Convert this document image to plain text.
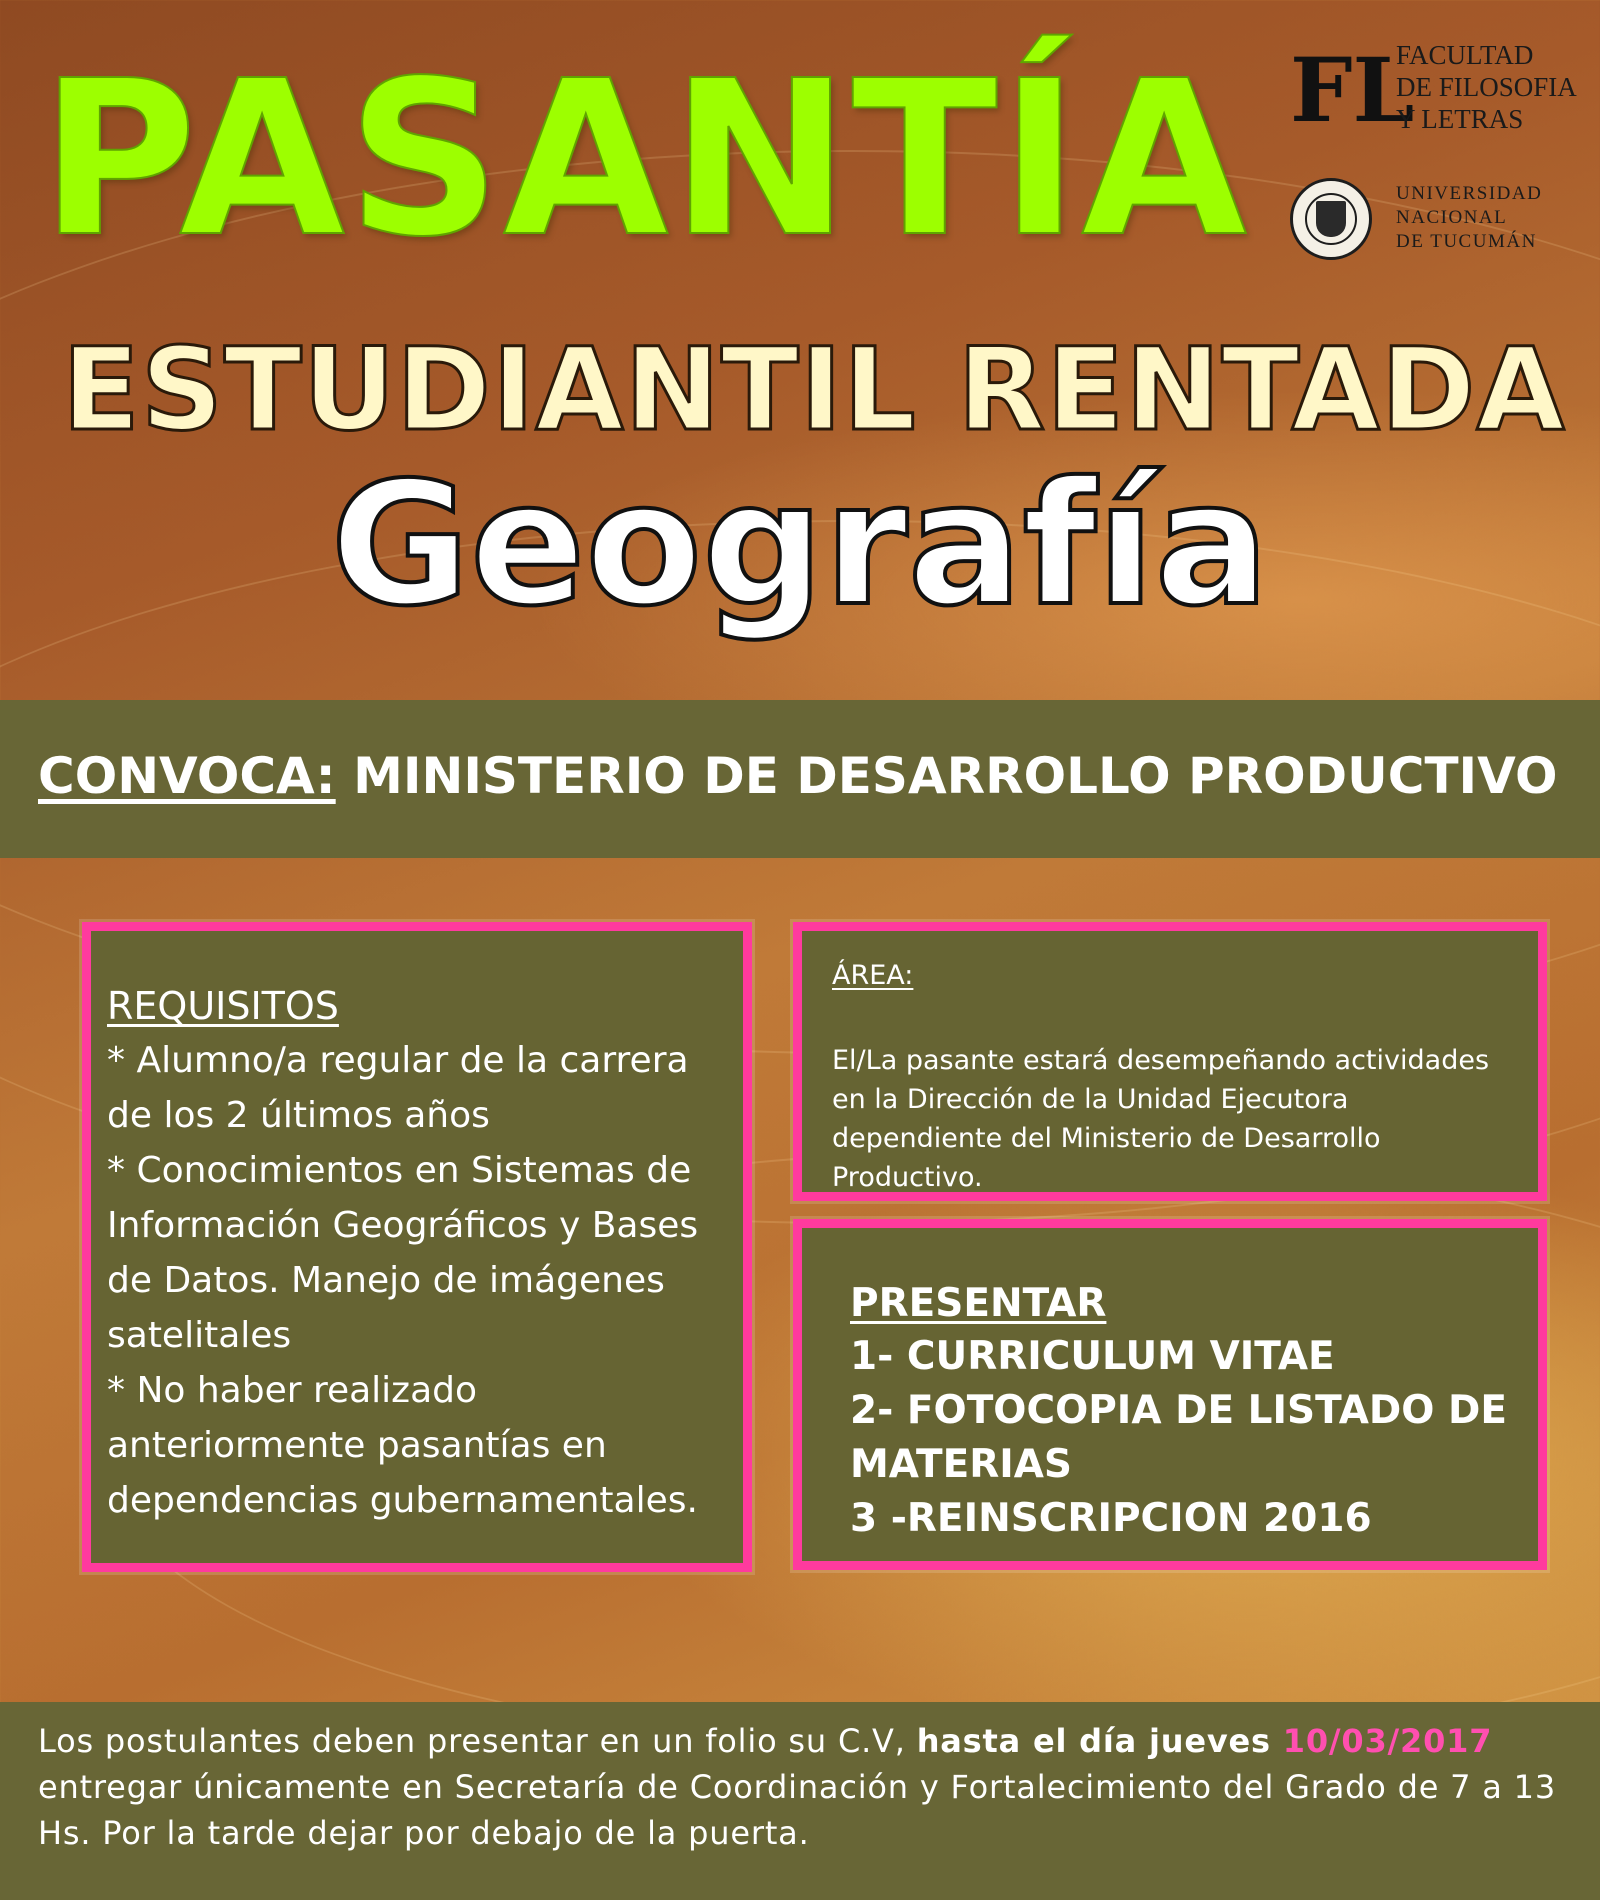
PASANTÍA
ESTUDIANTIL RENTADA
Geografía
FL
FACULTAD
DE FILOSOFIA
Y LETRAS
UNIVERSIDAD
NACIONAL
DE TUCUMÁN
CONVOCA: MINISTERIO DE DESARROLLO PRODUCTIVO
REQUISITOS

* Alumno/a regular de la carrera de los 2 últimos años

* Conocimientos en Sistemas de Información Geográficos y Bases de Datos. Manejo de imágenes satelitales

* No haber realizado anteriormente pasantías en dependencias gubernamentales.

ÁREA:
El/La pasante estará desempeñando actividades en la Dirección de la Unidad Ejecutora dependiente del Ministerio de Desarrollo Productivo.
PRESENTAR
1- CURRICULUM VITAE
2- FOTOCOPIA DE LISTADO DE MATERIAS
3 -REINSCRIPCION 2016
Los postulantes deben presentar en un folio su C.V, hasta el día jueves 10/03/2017 entregar únicamente en Secretaría de Coordinación y Fortalecimiento del Grado de 7 a 13 Hs. Por la tarde dejar por debajo de la puerta.
